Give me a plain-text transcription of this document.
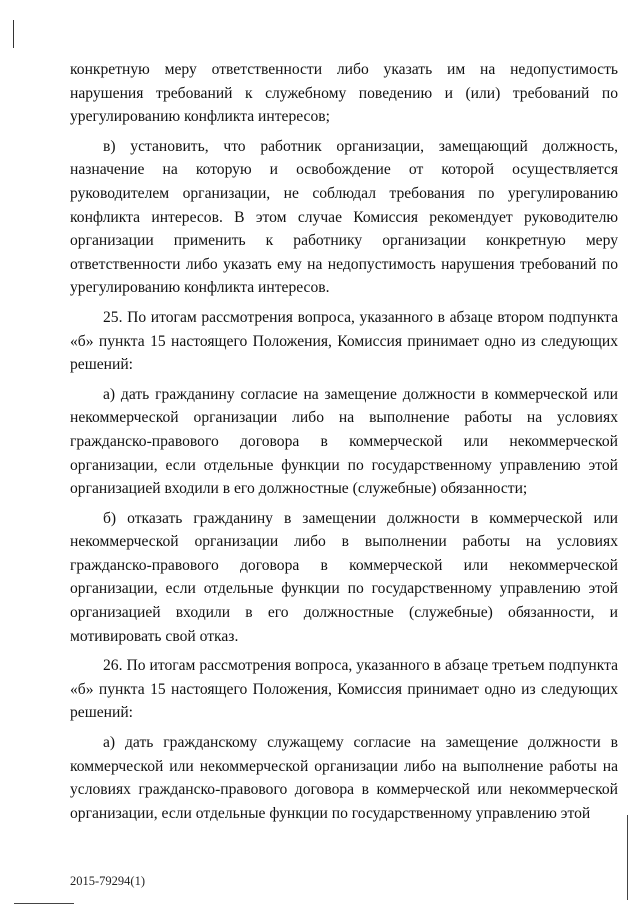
конкретную меру ответственности либо указать им на недопустимость нарушения требований к служебному поведению и (или) требований по урегулированию конфликта интересов;

в) установить, что работник организации, замещающий должность, назначение на которую и освобождение от которой осуществляется руководителем организации, не соблюдал требования по урегулированию конфликта интересов. В этом случае Комиссия рекомендует руководителю организации применить к работнику организации конкретную меру ответственности либо указать ему на недопустимость нарушения требований по урегулированию конфликта интересов.

25. По итогам рассмотрения вопроса, указанного в абзаце втором подпункта «б» пункта 15 настоящего Положения, Комиссия принимает одно из следующих решений:

а) дать гражданину согласие на замещение должности в коммерческой или некоммерческой организации либо на выполнение работы на условиях гражданско-правового договора в коммерческой или некоммерческой организации, если отдельные функции по государственному управлению этой организацией входили в его должностные (служебные) обязанности;

б) отказать гражданину в замещении должности в коммерческой или некоммерческой организации либо в выполнении работы на условиях гражданско-правового договора в коммерческой или некоммерческой организации, если отдельные функции по государственному управлению этой организацией входили в его должностные (служебные) обязанности, и мотивировать свой отказ.

26. По итогам рассмотрения вопроса, указанного в абзаце третьем подпункта «б» пункта 15 настоящего Положения, Комиссия принимает одно из следующих решений:

а) дать гражданскому служащему согласие на замещение должности в коммерческой или некоммерческой организации либо на выполнение работы на условиях гражданско-правового договора в коммерческой или некоммерческой организации, если отдельные функции по государственному управлению этой

2015-79294(1)
